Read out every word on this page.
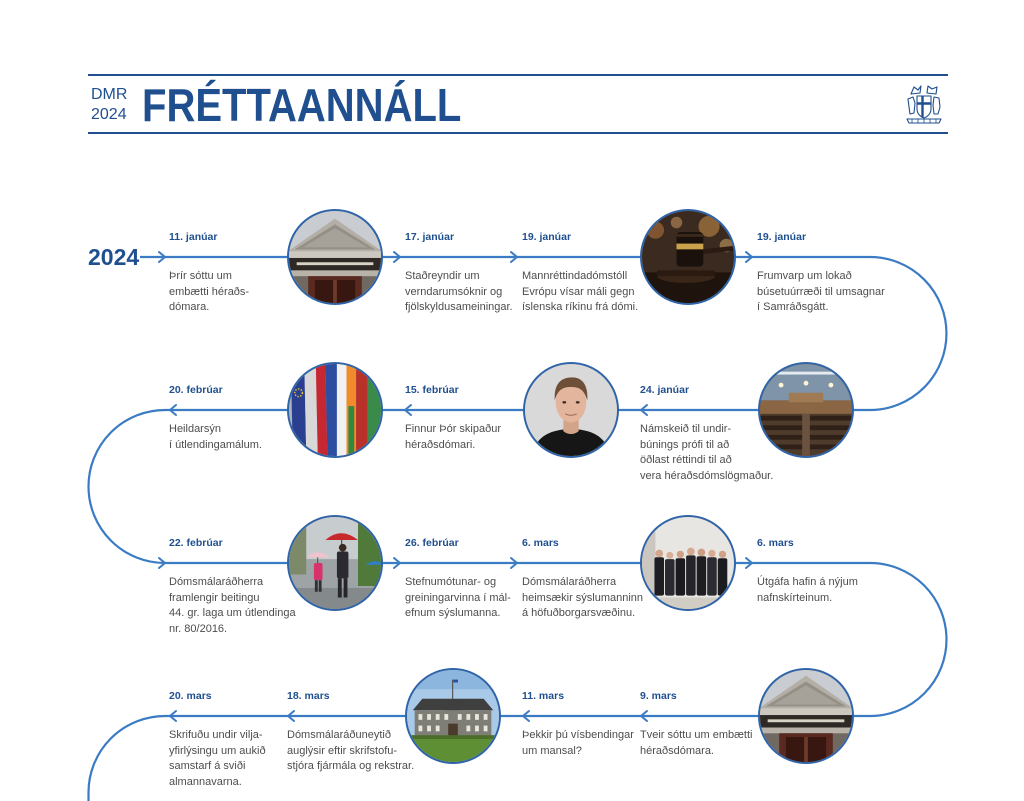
DMR
2024 FRÉTTAANNÁLL
2024
11. janúar
Þrír sóttu um
embætti héraðs-
dómara.
17. janúar
Staðreyndir um
verndarumsóknir og
fjölskyldusameiningar.
19. janúar
Mannréttindadómstóll
Evrópu vísar máli gegn
íslenska ríkinu frá dómi.
19. janúar
Frumvarp um lokað
búsetuúrræði til umsagnar
í Samráðsgátt.
24. janúar
Námskeið til undir-
búnings prófi til að
öðlast réttindi til að
vera héraðsdómslögmaður.
15. febrúar
Finnur Þór skipaður
héraðsdómari.
20. febrúar
Heildarsýn
í útlendingamálum.
22. febrúar
Dómsmálaráðherra
framlengir beitingu
44. gr. laga um útlendinga
nr. 80/2016.
26. febrúar
Stefnumótunar- og
greiningarvinna í mál-
efnum sýslumanna.
6. mars
Dómsmálaráðherra
heimsækir sýslumanninn
á höfuðborgarsvæðinu.
6. mars
Útgáfa hafin á nýjum
nafnskírteinum.
9. mars
Tveir sóttu um embætti
héraðsdómara.
11. mars
Þekkir þú vísbendingar
um mansal?
18. mars
Dómsmálaráðuneytið
auglýsir eftir skrifstofu-
stjóra fjármála og rekstrar.
20. mars
Skrifuðu undir vilja-
yfirlýsingu um aukið
samstarf á sviði
almannavarna.
